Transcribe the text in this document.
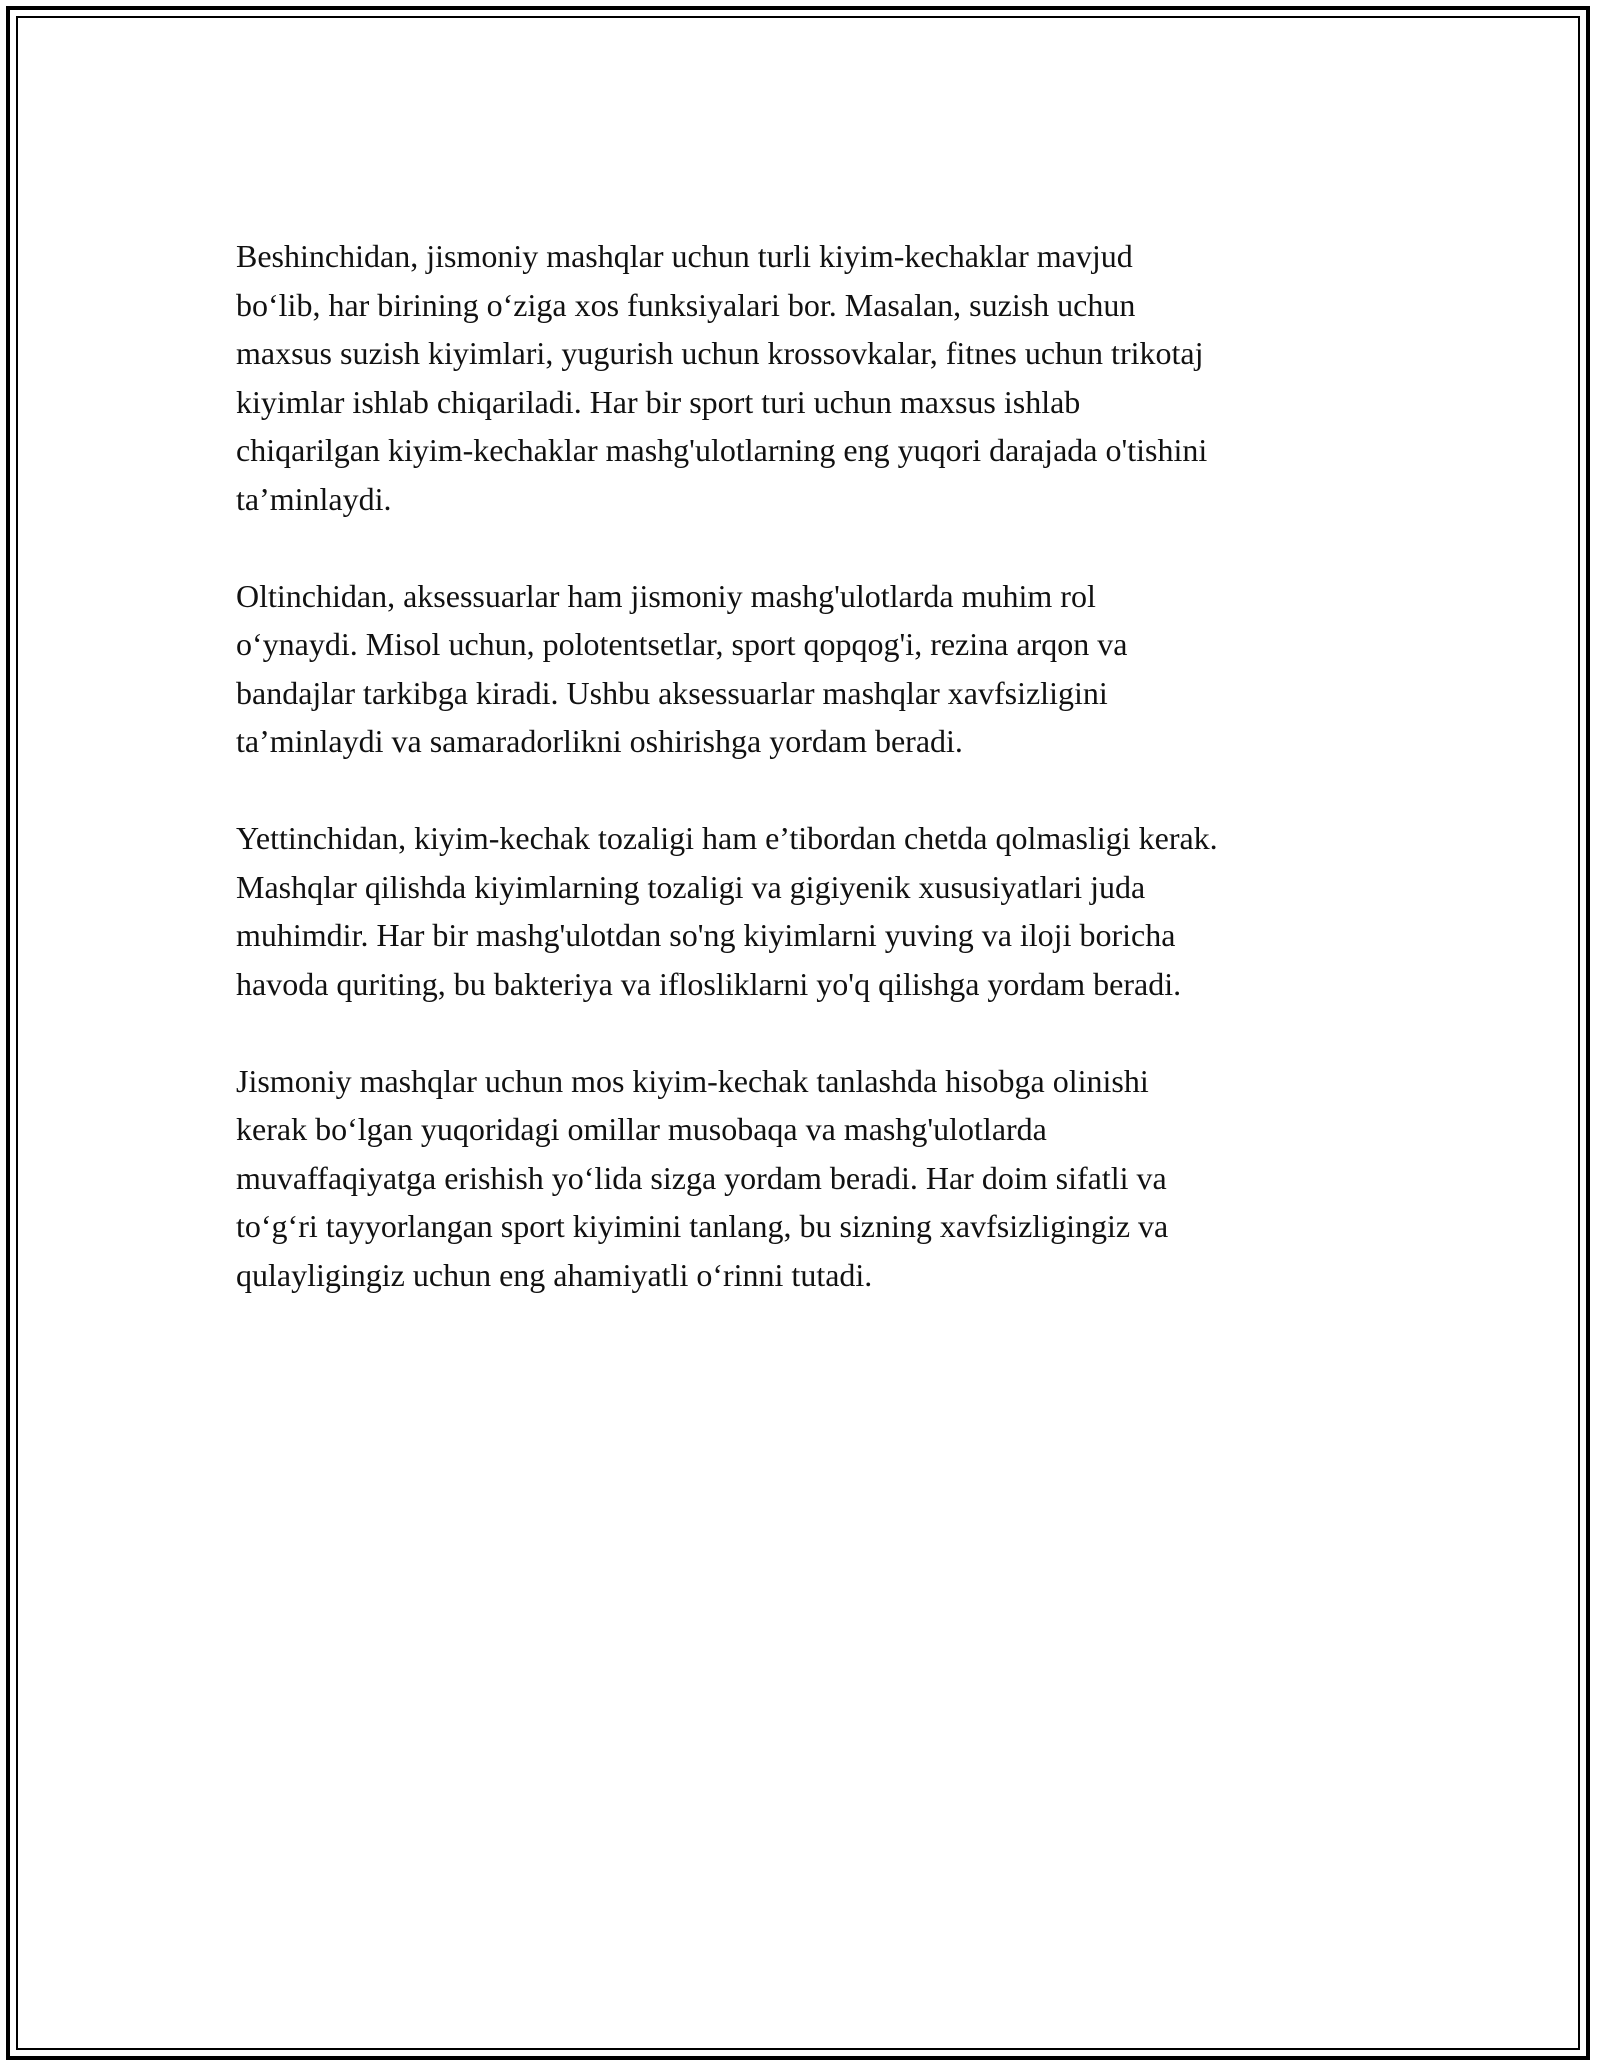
Beshinchidan, jismoniy mashqlar uchun turli kiyim-kechaklar mavjud
bo‘lib, har birining o‘ziga xos funksiyalari bor. Masalan, suzish uchun
maxsus suzish kiyimlari, yugurish uchun krossovkalar, fitnes uchun trikotaj
kiyimlar ishlab chiqariladi. Har bir sport turi uchun maxsus ishlab
chiqarilgan kiyim-kechaklar mashg'ulotlarning eng yuqori darajada o'tishini
ta’minlaydi.

Oltinchidan, aksessuarlar ham jismoniy mashg'ulotlarda muhim rol
o‘ynaydi. Misol uchun, polotentsetlar, sport qopqog'i, rezina arqon va
bandajlar tarkibga kiradi. Ushbu aksessuarlar mashqlar xavfsizligini
ta’minlaydi va samaradorlikni oshirishga yordam beradi.

Yettinchidan, kiyim-kechak tozaligi ham e’tibordan chetda qolmasligi kerak.
Mashqlar qilishda kiyimlarning tozaligi va gigiyenik xususiyatlari juda
muhimdir. Har bir mashg'ulotdan so'ng kiyimlarni yuving va iloji boricha
havoda quriting, bu bakteriya va iflosliklarni yo'q qilishga yordam beradi.

Jismoniy mashqlar uchun mos kiyim-kechak tanlashda hisobga olinishi
kerak bo‘lgan yuqoridagi omillar musobaqa va mashg'ulotlarda
muvaffaqiyatga erishish yo‘lida sizga yordam beradi. Har doim sifatli va
to‘g‘ri tayyorlangan sport kiyimini tanlang, bu sizning xavfsizligingiz va
qulayligingiz uchun eng ahamiyatli o‘rinni tutadi.
